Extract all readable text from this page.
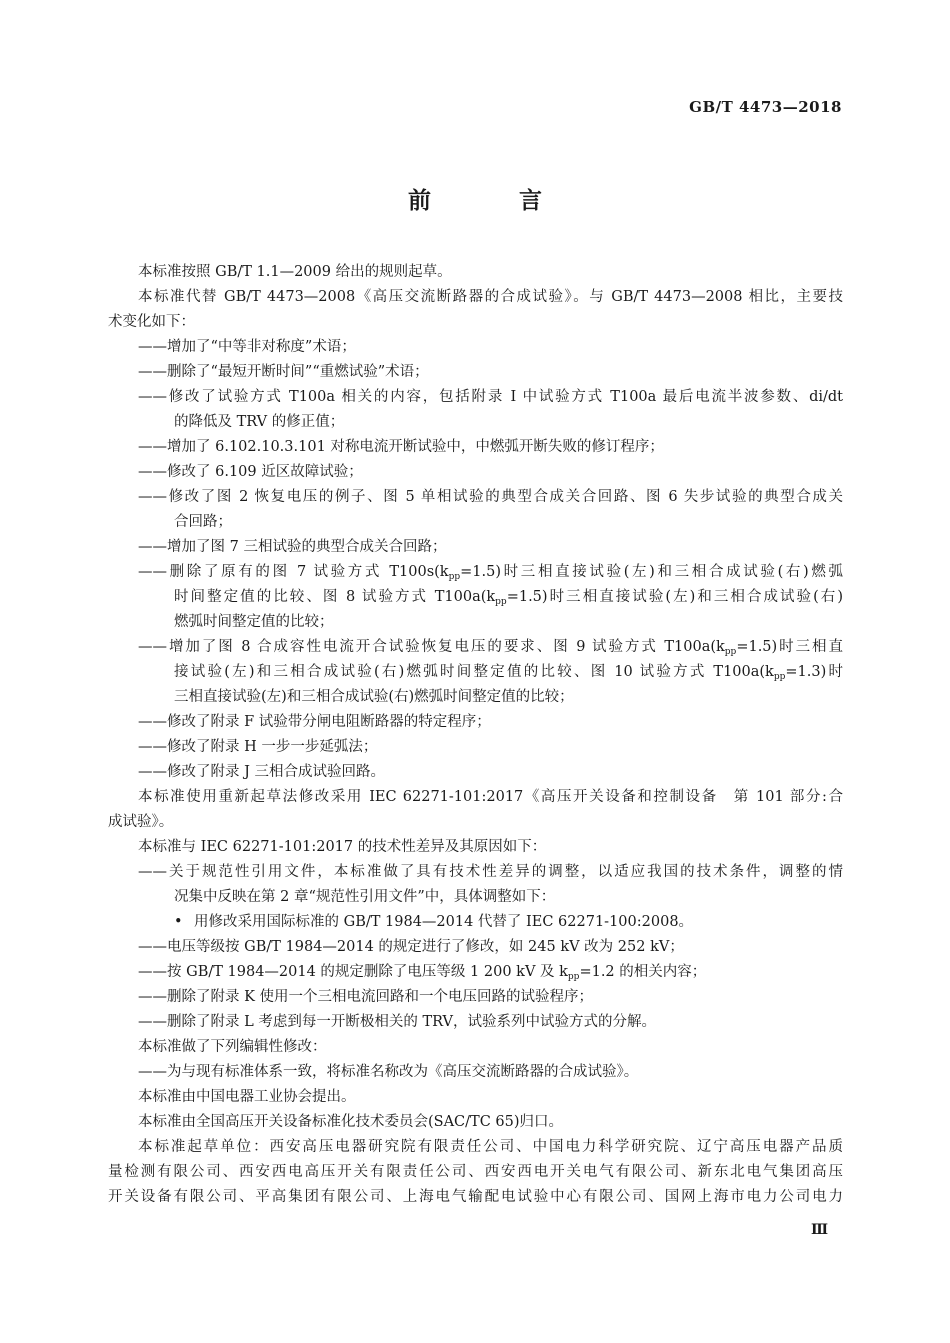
GB/T 4473—2018
前 言
本标准按照 GB/T 1.1—2009 给出的规则起草。
本标准代替 GB/T 4473—2008《高压交流断路器的合成试验》。与 GB/T 4473—2008 相比，主要技
术变化如下：
——增加了“中等非对称度”术语；
——删除了“最短开断时间”“重燃试验”术语；
——修改了试验方式 T100a 相关的内容，包括附录 I 中试验方式 T100a 最后电流半波参数、di/dt
的降低及 TRV 的修正值；
——增加了 6.102.10.3.101 对称电流开断试验中，中燃弧开断失败的修订程序；
——修改了 6.109 近区故障试验；
——修改了图 2 恢复电压的例子、图 5 单相试验的典型合成关合回路、图 6 失步试验的典型合成关
合回路；
——增加了图 7 三相试验的典型合成关合回路；
——删除了原有的图 7 试验方式 $T100s(k_{pp}=1.5)$时三相直接试验(左)和三相合成试验(右)燃弧
时间整定值的比较、图 8 试验方式 $T100a(k_{pp}=1.5)$时三相直接试验(左)和三相合成试验(右)
燃弧时间整定值的比较；
——增加了图 8 合成容性电流开合试验恢复电压的要求、图 9 试验方式 $T100a(k_{pp}=1.5)$时三相直
接试验(左)和三相合成试验(右)燃弧时间整定值的比较、图 10 试验方式 $T100a(k_{pp}=1.3)$时
三相直接试验(左)和三相合成试验(右)燃弧时间整定值的比较；
——修改了附录 F 试验带分闸电阻断路器的特定程序；
——修改了附录 H 一步一步延弧法；
——修改了附录 J 三相合成试验回路。
本标准使用重新起草法修改采用 IEC 62271-101:2017《高压开关设备和控制设备　第 101 部分:合
成试验》。
本标准与 IEC 62271-101:2017 的技术性差异及其原因如下：
——关于规范性引用文件，本标准做了具有技术性差异的调整，以适应我国的技术条件，调整的情
况集中反映在第 2 章“规范性引用文件”中，具体调整如下：
• 用修改采用国际标准的 GB/T 1984—2014 代替了 IEC 62271-100:2008。
——电压等级按 GB/T 1984—2014 的规定进行了修改，如 245 kV 改为 252 kV；
——按 GB/T 1984—2014 的规定删除了电压等级 1 200 kV 及 $k_{pp}=1.2$ 的相关内容；
——删除了附录 K 使用一个三相电流回路和一个电压回路的试验程序；
——删除了附录 L 考虑到每一开断极相关的 TRV，试验系列中试验方式的分解。
本标准做了下列编辑性修改：
——为与现有标准体系一致，将标准名称改为《高压交流断路器的合成试验》。
本标准由中国电器工业协会提出。
本标准由全国高压开关设备标准化技术委员会(SAC/TC 65)归口。
本标准起草单位：西安高压电器研究院有限责任公司、中国电力科学研究院、辽宁高压电器产品质
量检测有限公司、西安西电高压开关有限责任公司、西安西电开关电气有限公司、新东北电气集团高压
开关设备有限公司、平高集团有限公司、上海电气输配电试验中心有限公司、国网上海市电力公司电力
Ⅲ
